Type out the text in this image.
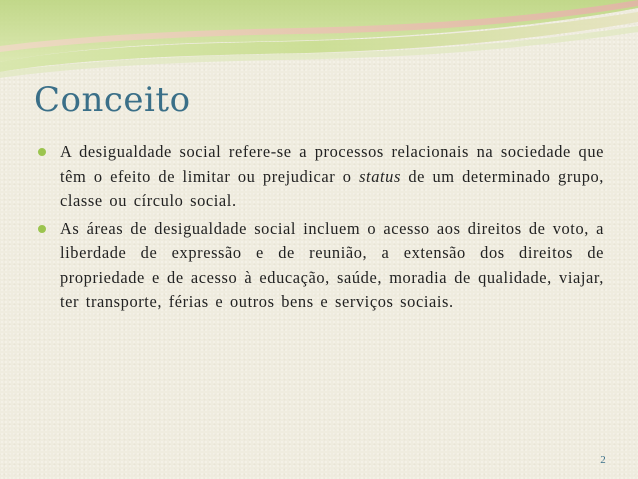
Conceito

A desigualdade social refere-se a processos relacionais na sociedade que têm o efeito de limitar ou prejudicar o status de um determinado grupo, classe ou círculo social.

As áreas de desigualdade social incluem o acesso aos direitos de voto, a liberdade de expressão e de reunião, a extensão dos direitos de propriedade e de acesso à educação, saúde, moradia de qualidade, viajar, ter transporte, férias e outros bens e serviços sociais.

2
